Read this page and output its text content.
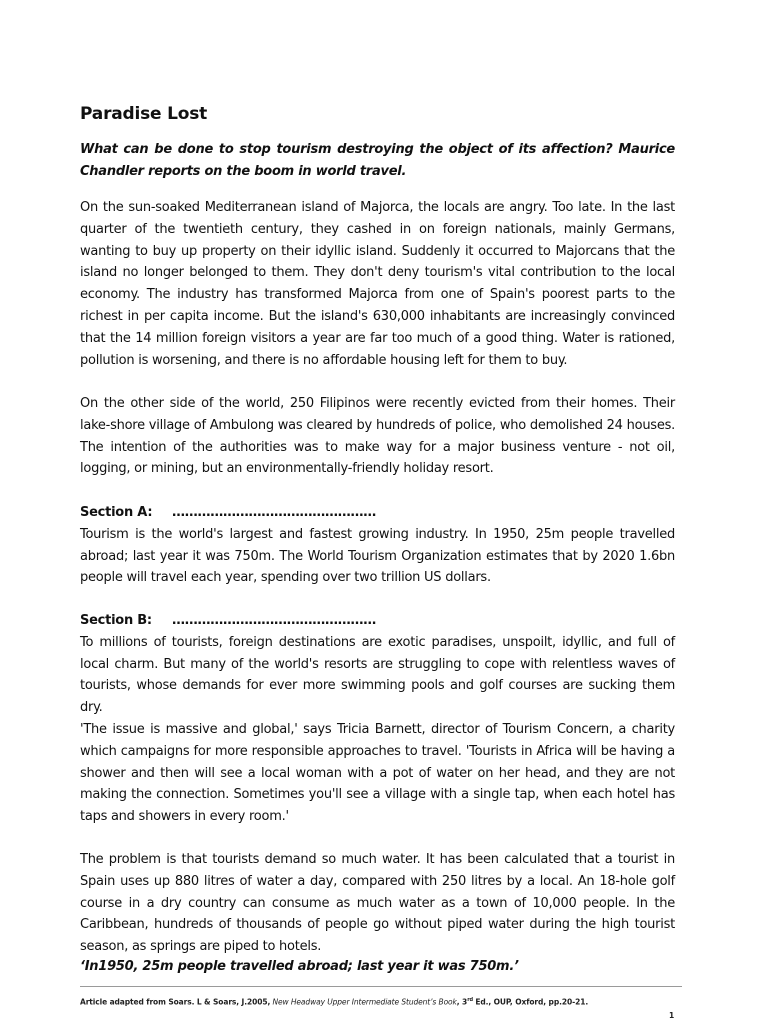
Paradise Lost

What can be done to stop tourism destroying the object of its affection? Maurice Chandler reports on the boom in world travel.

On the sun-soaked Mediterranean island of Majorca, the locals are angry. Too late. In the last quarter of the twentieth century, they cashed in on foreign nationals, mainly Germans, wanting to buy up property on their idyllic island. Suddenly it occurred to Majorcans that the island no longer belonged to them. They don't deny tourism's vital contribution to the local economy. The industry has transformed Majorca from one of Spain's poorest parts to the richest in per capita income. But the island's 630,000 inhabitants are increasingly convinced that the 14 million foreign visitors a year are far too much of a good thing. Water is rationed, pollution is worsening, and there is no affordable housing left for them to buy.

On the other side of the world, 250 Filipinos were recently evicted from their homes. Their lake-shore village of Ambulong was cleared by hundreds of police, who demolished 24 houses. The intention of the authorities was to make way for a major business venture - not oil, logging, or mining, but an environmentally-friendly holiday resort.

Section A: …………………………………………

Tourism is the world's largest and fastest growing industry. In 1950, 25m people travelled abroad; last year it was 750m. The World Tourism Organization estimates that by 2020 1.6bn people will travel each year, spending over two trillion US dollars.

Section B: …………………………………………

To millions of tourists, foreign destinations are exotic paradises, unspoilt, idyllic, and full of local charm. But many of the world's resorts are struggling to cope with relentless waves of tourists, whose demands for ever more swimming pools and golf courses are sucking them dry.

'The issue is massive and global,' says Tricia Barnett, director of Tourism Concern, a charity which campaigns for more responsible approaches to travel. 'Tourists in Africa will be having a shower and then will see a local woman with a pot of water on her head, and they are not making the connection. Sometimes you'll see a village with a single tap, when each hotel has taps and showers in every room.'

The problem is that tourists demand so much water. It has been calculated that a tourist in Spain uses up 880 litres of water a day, compared with 250 litres by a local. An 18-hole golf course in a dry country can consume as much water as a town of 10,000 people. In the Caribbean, hundreds of thousands of people go without piped water during the high tourist season, as springs are piped to hotels.

‘In1950, 25m people travelled abroad; last year it was 750m.’
Article adapted from Soars. L & Soars, J.2005, New Headway Upper Intermediate Student’s Book, 3rd Ed., OUP, Oxford, pp.20-21.
1
